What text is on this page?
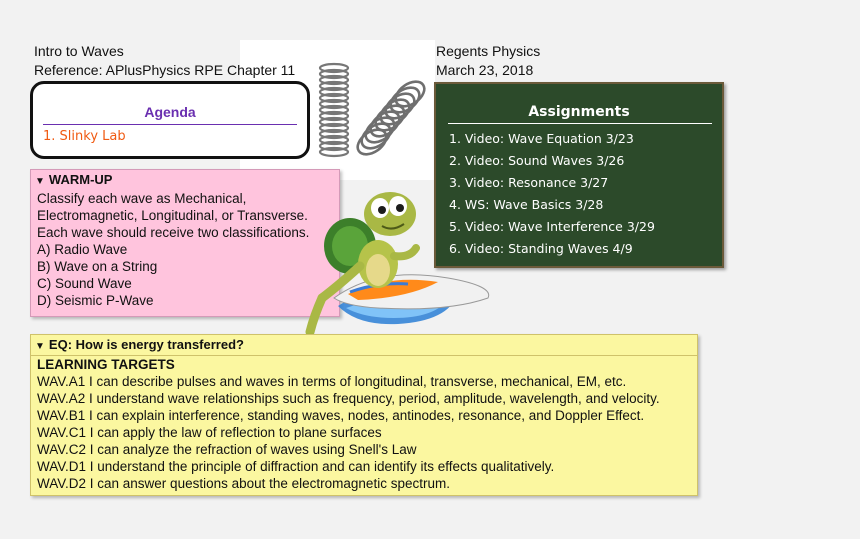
Intro to Waves
Reference: APlusPhysics RPE Chapter 11
Regents Physics
March 23, 2018
Agenda
1. Slinky Lab
Assignments
1. Video: Wave Equation 3/23
2. Video: Sound Waves 3/26
3. Video: Resonance 3/27
4. WS: Wave Basics 3/28
5. Video: Wave Interference 3/29
6. Video: Standing Waves 4/9
▼ WARM-UP
Classify each wave as Mechanical,
Electromagnetic, Longitudinal, or Transverse.
Each wave should receive two classifications.
A) Radio Wave
B) Wave on a String
C) Sound Wave
D) Seismic P-Wave
▼ EQ: How is energy transferred?
LEARNING TARGETS
WAV.A1 I can describe pulses and waves in terms of longitudinal, transverse, mechanical, EM, etc.
WAV.A2 I understand wave relationships such as frequency, period, amplitude, wavelength, and velocity.
WAV.B1 I can explain interference, standing waves, nodes, antinodes, resonance, and Doppler Effect.
WAV.C1 I can apply the law of reflection to plane surfaces
WAV.C2 I can analyze the refraction of waves using Snell's Law
WAV.D1 I understand the principle of diffraction and can identify its effects qualitatively.
WAV.D2 I can answer questions about the electromagnetic spectrum.
